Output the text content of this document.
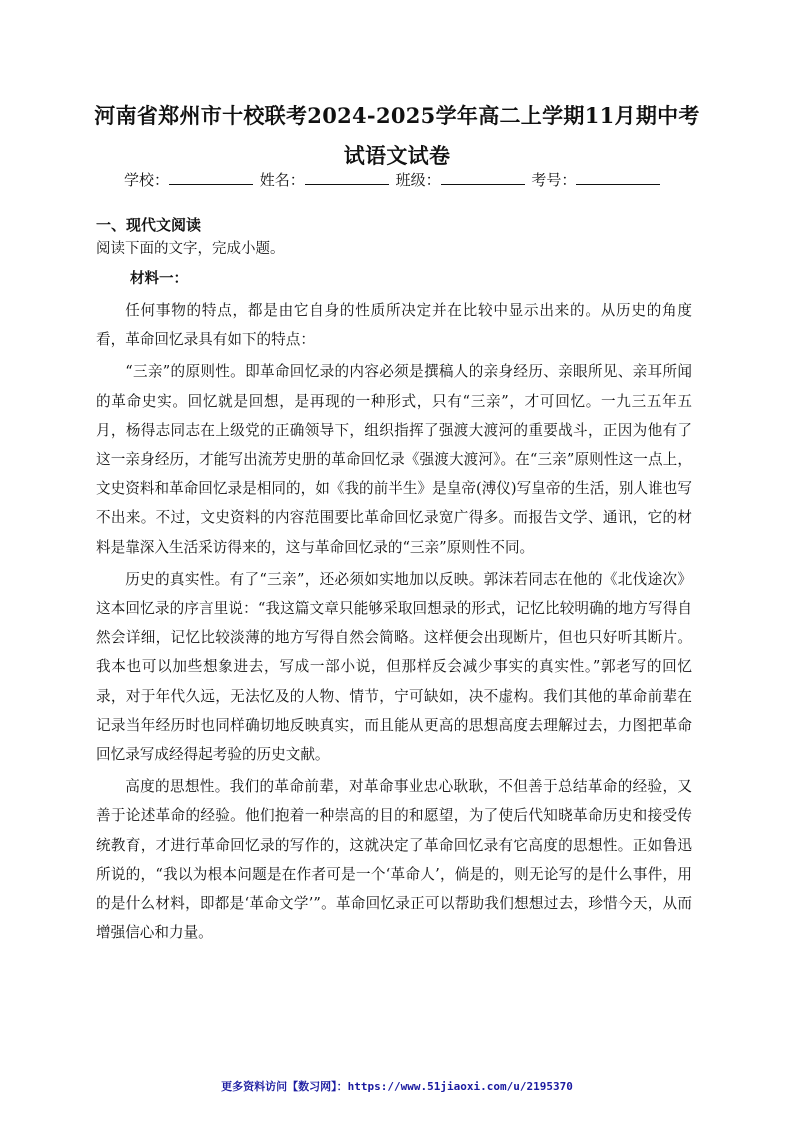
河南省郑州市十校联考2024-2025学年高二上学期11月期中考试语文试卷
学校：	姓名：	班级：	考号：
一、现代文阅读
阅读下面的文字，完成小题。
材料一：

任何事物的特点，都是由它自身的性质所决定并在比较中显示出来的。从历史的角度看，革命回忆录具有如下的特点：

“三亲”的原则性。即革命回忆录的内容必须是撰稿人的亲身经历、亲眼所见、亲耳所闻的革命史实。回忆就是回想，是再现的一种形式，只有“三亲”，才可回忆。一九三五年五月，杨得志同志在上级党的正确领导下，组织指挥了强渡大渡河的重要战斗，正因为他有了这一亲身经历，才能写出流芳史册的革命回忆录《强渡大渡河》。在“三亲”原则性这一点上，文史资料和革命回忆录是相同的，如《我的前半生》是皇帝(溥仪)写皇帝的生活，别人谁也写不出来。不过，文史资料的内容范围要比革命回忆录宽广得多。而报告文学、通讯，它的材料是靠深入生活采访得来的，这与革命回忆录的“三亲”原则性不同。

历史的真实性。有了“三亲”，还必须如实地加以反映。郭沫若同志在他的《北伐途次》这本回忆录的序言里说：“我这篇文章只能够采取回想录的形式，记忆比较明确的地方写得自然会详细，记忆比较淡薄的地方写得自然会简略。这样便会出现断片，但也只好听其断片。我本也可以加些想象进去，写成一部小说，但那样反会减少事实的真实性。”郭老写的回忆录，对于年代久远，无法忆及的人物、情节，宁可缺如，决不虚构。我们其他的革命前辈在记录当年经历时也同样确切地反映真实，而且能从更高的思想高度去理解过去，力图把革命回忆录写成经得起考验的历史文献。

高度的思想性。我们的革命前辈，对革命事业忠心耿耿，不但善于总结革命的经验，又善于论述革命的经验。他们抱着一种崇高的目的和愿望，为了使后代知晓革命历史和接受传统教育，才进行革命回忆录的写作的，这就决定了革命回忆录有它高度的思想性。正如鲁迅所说的，“我以为根本问题是在作者可是一个‘革命人’，倘是的，则无论写的是什么事件，用的是什么材料，即都是‘革命文学’”。革命回忆录正可以帮助我们想想过去，珍惜今天，从而增强信心和力量。

更多资料访问【数习网】：https://www.51jiaoxi.com/u/2195370
